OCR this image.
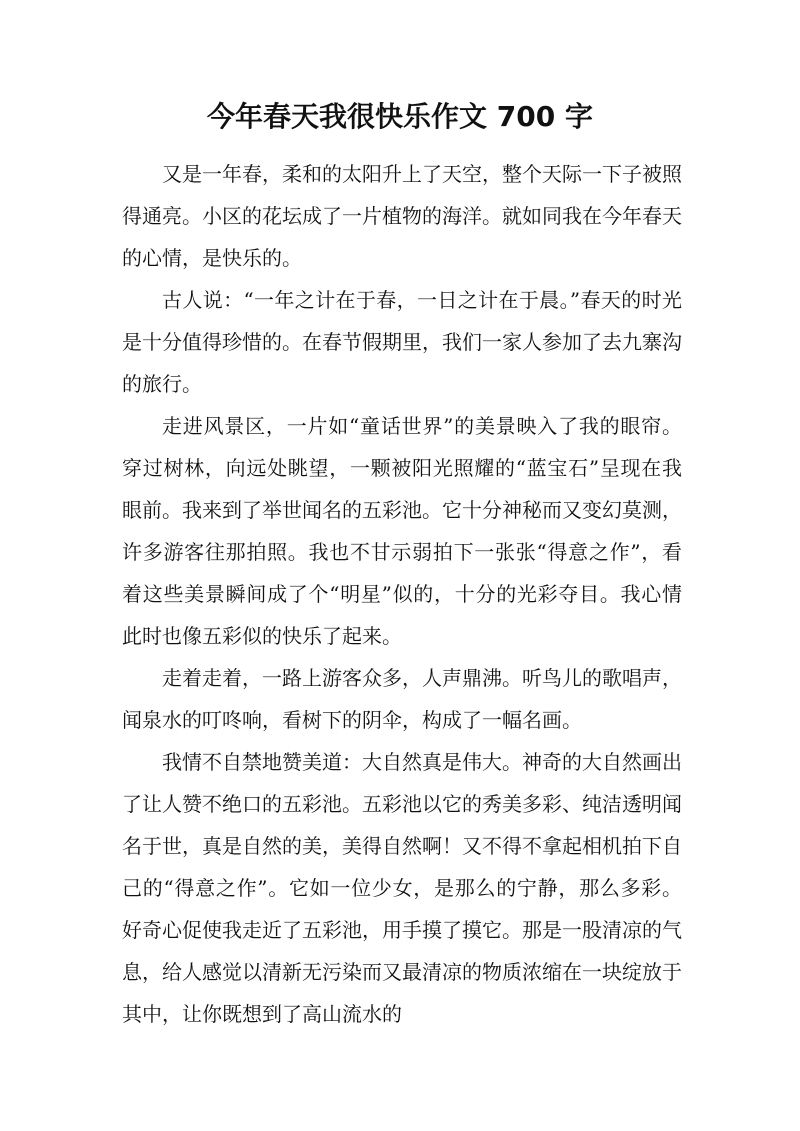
今年春天我很快乐作文 700 字

又是一年春，柔和的太阳升上了天空，整个天际一下子被照得通亮。小区的花坛成了一片植物的海洋。就如同我在今年春天的心情，是快乐的。

古人说：“一年之计在于春，一日之计在于晨。”春天的时光是十分值得珍惜的。在春节假期里，我们一家人参加了去九寨沟的旅行。

走进风景区，一片如“童话世界”的美景映入了我的眼帘。穿过树林，向远处眺望，一颗被阳光照耀的“蓝宝石”呈现在我眼前。我来到了举世闻名的五彩池。它十分神秘而又变幻莫测，许多游客往那拍照。我也不甘示弱拍下一张张“得意之作”，看着这些美景瞬间成了个“明星”似的，十分的光彩夺目。我心情此时也像五彩似的快乐了起来。

走着走着，一路上游客众多，人声鼎沸。听鸟儿的歌唱声，闻泉水的叮咚响，看树下的阴伞，构成了一幅名画。

我情不自禁地赞美道：大自然真是伟大。神奇的大自然画出了让人赞不绝口的五彩池。五彩池以它的秀美多彩、纯洁透明闻名于世，真是自然的美，美得自然啊！又不得不拿起相机拍下自己的“得意之作”。它如一位少女，是那么的宁静，那么多彩。好奇心促使我走近了五彩池，用手摸了摸它。那是一股清凉的气息，给人感觉以清新无污染而又最清凉的物质浓缩在一块绽放于其中，让你既想到了高山流水的
